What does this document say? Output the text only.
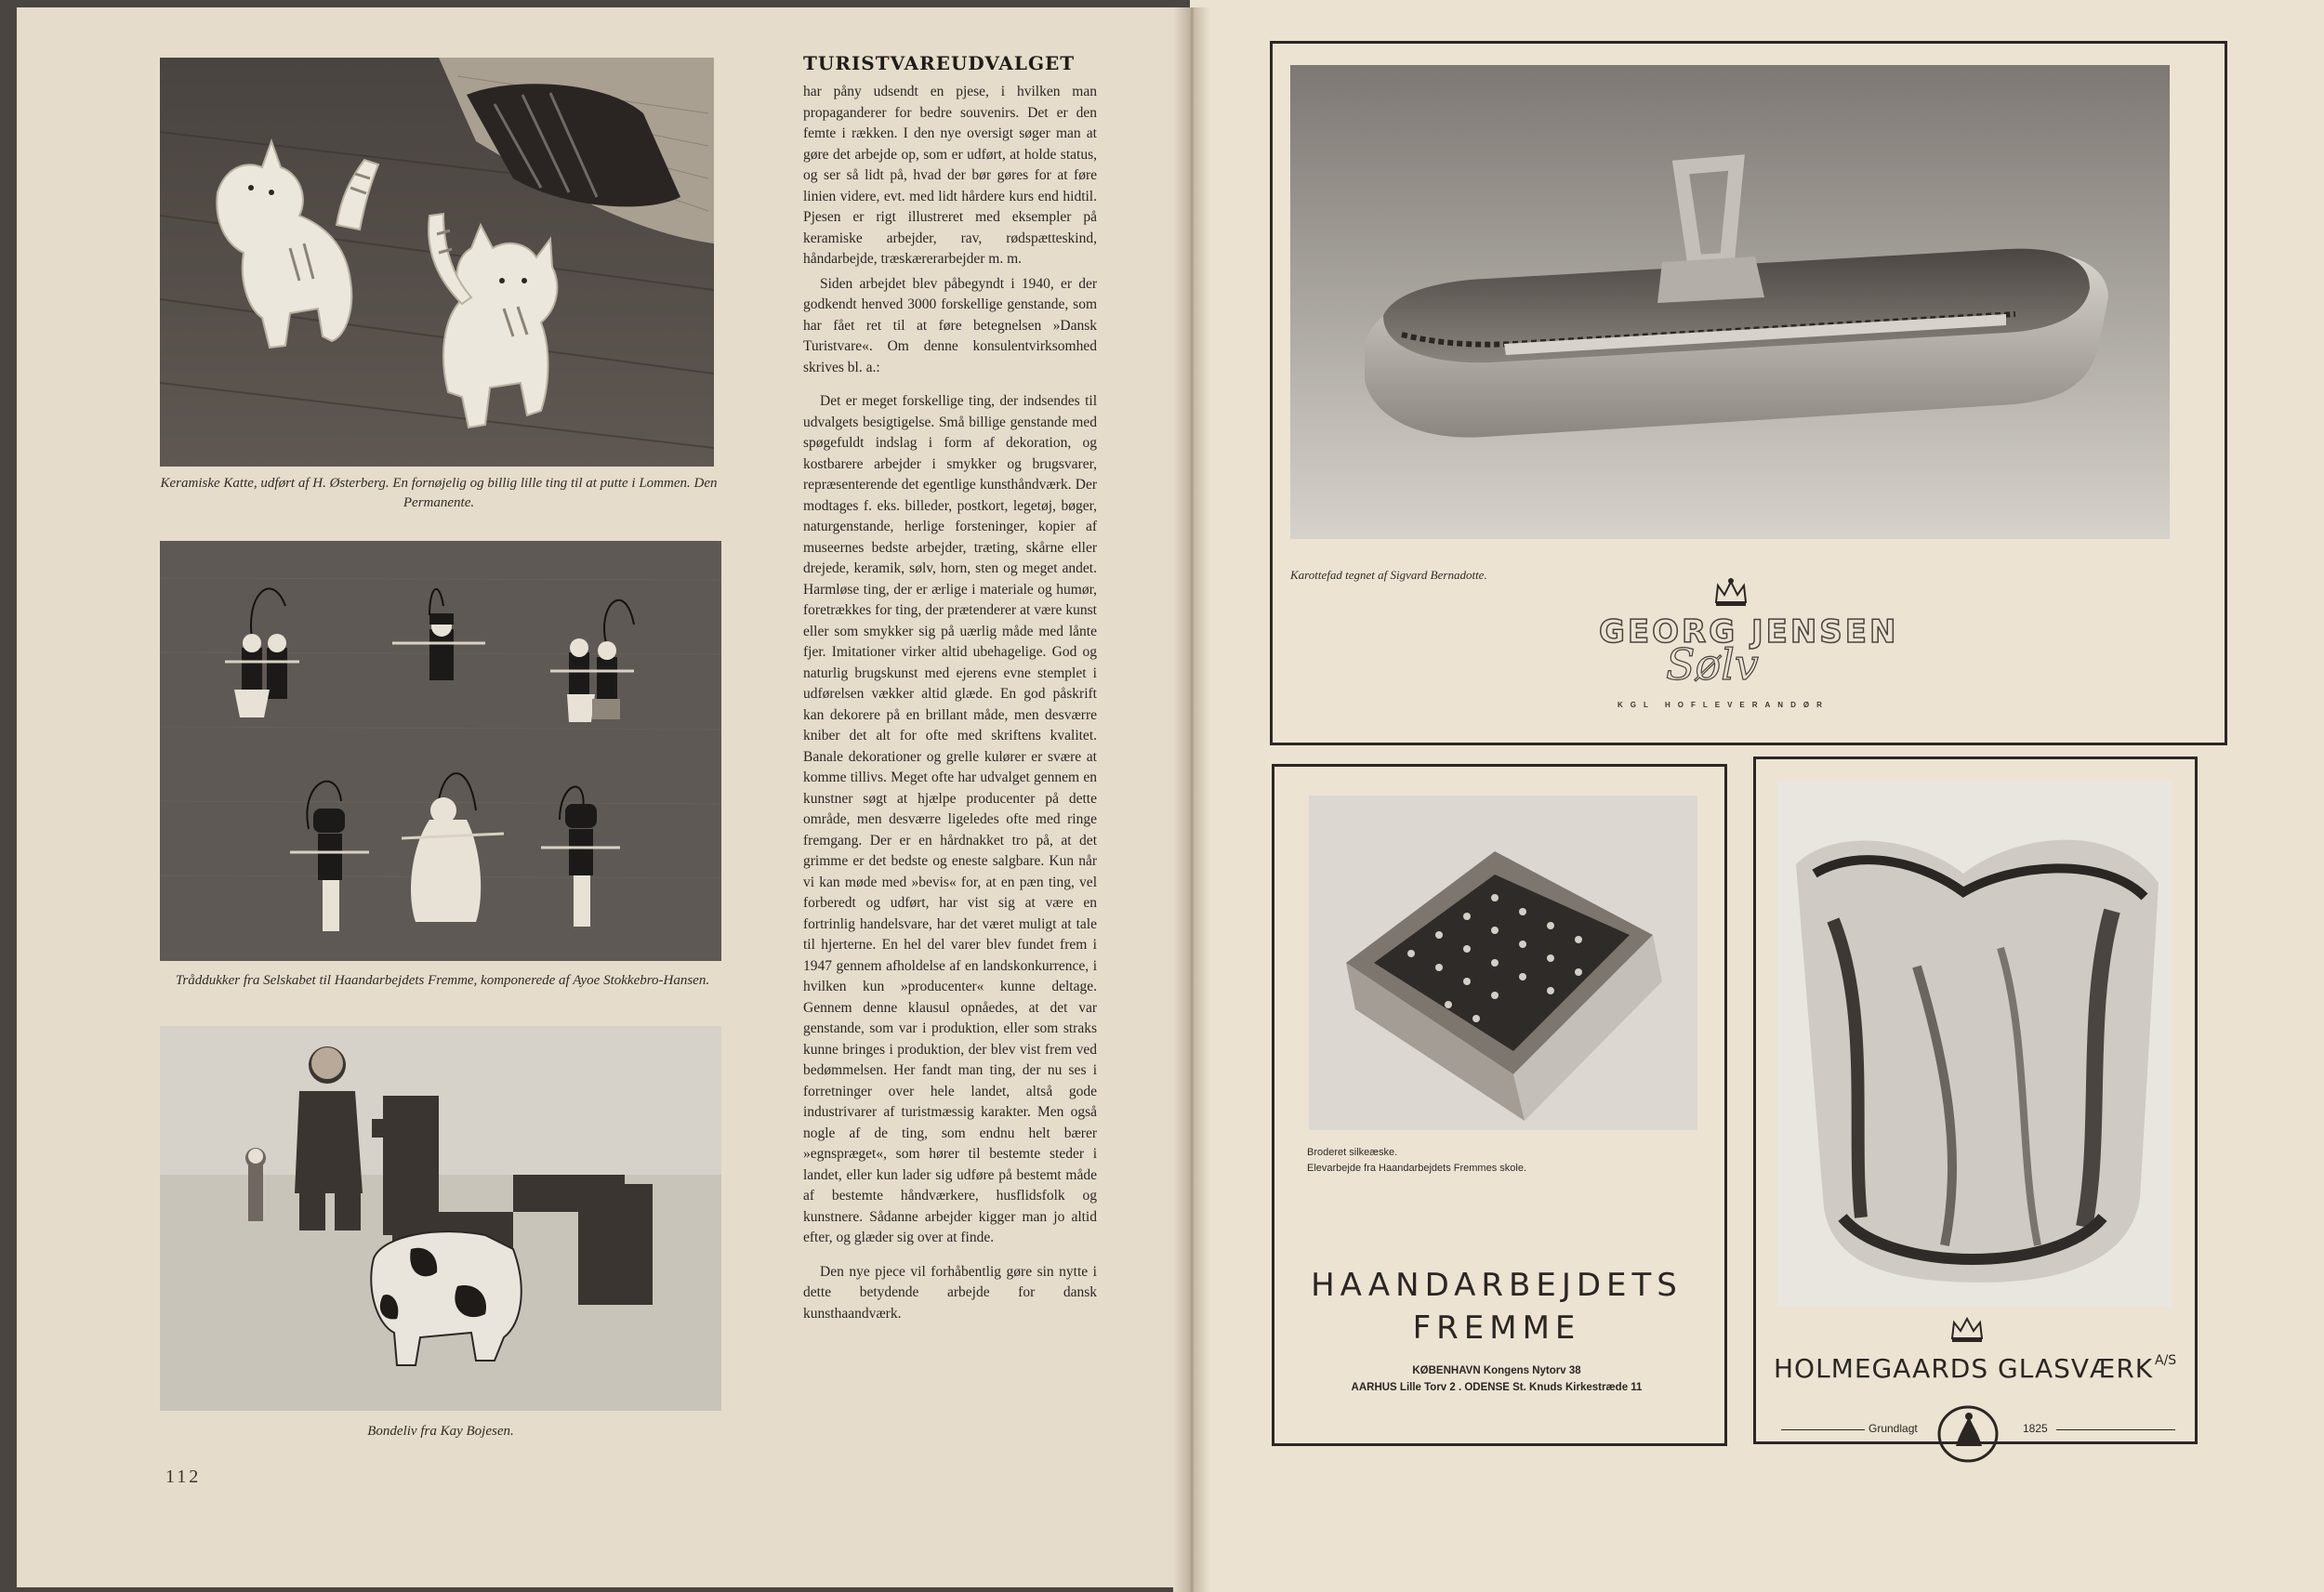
Keramiske Katte, udført af H. Østerberg. En fornøjelig og billig lille ting til at putte i Lommen. Den Permanente.
Tråddukker fra Selskabet til Haandarbejdets Fremme, komponerede af Ayoe Stokkebro-Hansen.
Bondeliv fra Kay Bojesen.
112
TURISTVAREUDVALGET

har påny udsendt en pjese, i hvilken man propaganderer for bedre souvenirs. Det er den femte i rækken. I den nye oversigt søger man at gøre det arbejde op, som er udført, at holde status, og ser så lidt på, hvad der bør gøres for at føre linien videre, evt. med lidt hårdere kurs end hidtil. Pjesen er rigt illustreret med eksempler på keramiske arbejder, rav, rødspætteskind, håndarbejde, træskærerarbejder m. m.

Siden arbejdet blev påbegyndt i 1940, er der godkendt henved 3000 forskellige genstande, som har fået ret til at føre betegnelsen »Dansk Turistvare«. Om denne konsulentvirksomhed skrives bl. a.:

Det er meget forskellige ting, der indsendes til udvalgets besigtigelse. Små billige genstande med spøgefuldt indslag i form af dekoration, og kostbarere arbejder i smykker og brugsvarer, repræsenterende det egentlige kunsthåndværk. Der modtages f. eks. billeder, postkort, legetøj, bøger, naturgenstande, herlige forsteninger, kopier af museernes bedste arbejder, træting, skårne eller drejede, keramik, sølv, horn, sten og meget andet. Harmløse ting, der er ærlige i materiale og humør, foretrækkes for ting, der prætenderer at være kunst eller som smykker sig på uærlig måde med lånte fjer. Imitationer virker altid ubehagelige. God og naturlig brugskunst med ejerens evne stemplet i udførelsen vækker altid glæde. En god påskrift kan dekorere på en brillant måde, men desværre kniber det alt for ofte med skriftens kvalitet. Banale dekorationer og grelle kulører er svære at komme tillivs. Meget ofte har udvalget gennem en kunstner søgt at hjælpe producenter på dette område, men desværre ligeledes ofte med ringe fremgang. Der er en hårdnakket tro på, at det grimme er det bedste og eneste salgbare. Kun når vi kan møde med »bevis« for, at en pæn ting, vel forberedt og udført, har vist sig at være en fortrinlig handelsvare, har det været muligt at tale til hjerterne. En hel del varer blev fundet frem i 1947 gennem afholdelse af en landskonkurrence, i hvilken kun »producenter« kunne deltage. Gennem denne klausul opnåedes, at det var genstande, som var i produktion, eller som straks kunne bringes i produktion, der blev vist frem ved bedømmelsen. Her fandt man ting, der nu ses i forretninger over hele landet, altså gode industrivarer af turistmæssig karakter. Men også nogle af de ting, som endnu helt bærer »egnspræget«, som hører til bestemte steder i landet, eller kun lader sig udføre på bestemt måde af bestemte håndværkere, husflidsfolk og kunstnere. Sådanne arbejder kigger man jo altid efter, og glæder sig over at finde.

Den nye pjece vil forhåbentlig gøre sin nytte i dette betydende arbejde for dansk kunsthaandværk.

Karottefad tegnet af Sigvard Bernadotte.
GEORG JENSEN
Sølv
KGL HOFLEVERANDØR
Broderet silkeæske.
Elevarbejde fra Haandarbejdets Fremmes skole.
HAANDARBEJDETS
FREMME
KØBENHAVN Kongens Nytorv 38
AARHUS Lille Torv 2 . ODENSE St. Knuds Kirkestræde 11
HOLMEGAARDS GLASVÆRK A/S
Grundlagt	1825
